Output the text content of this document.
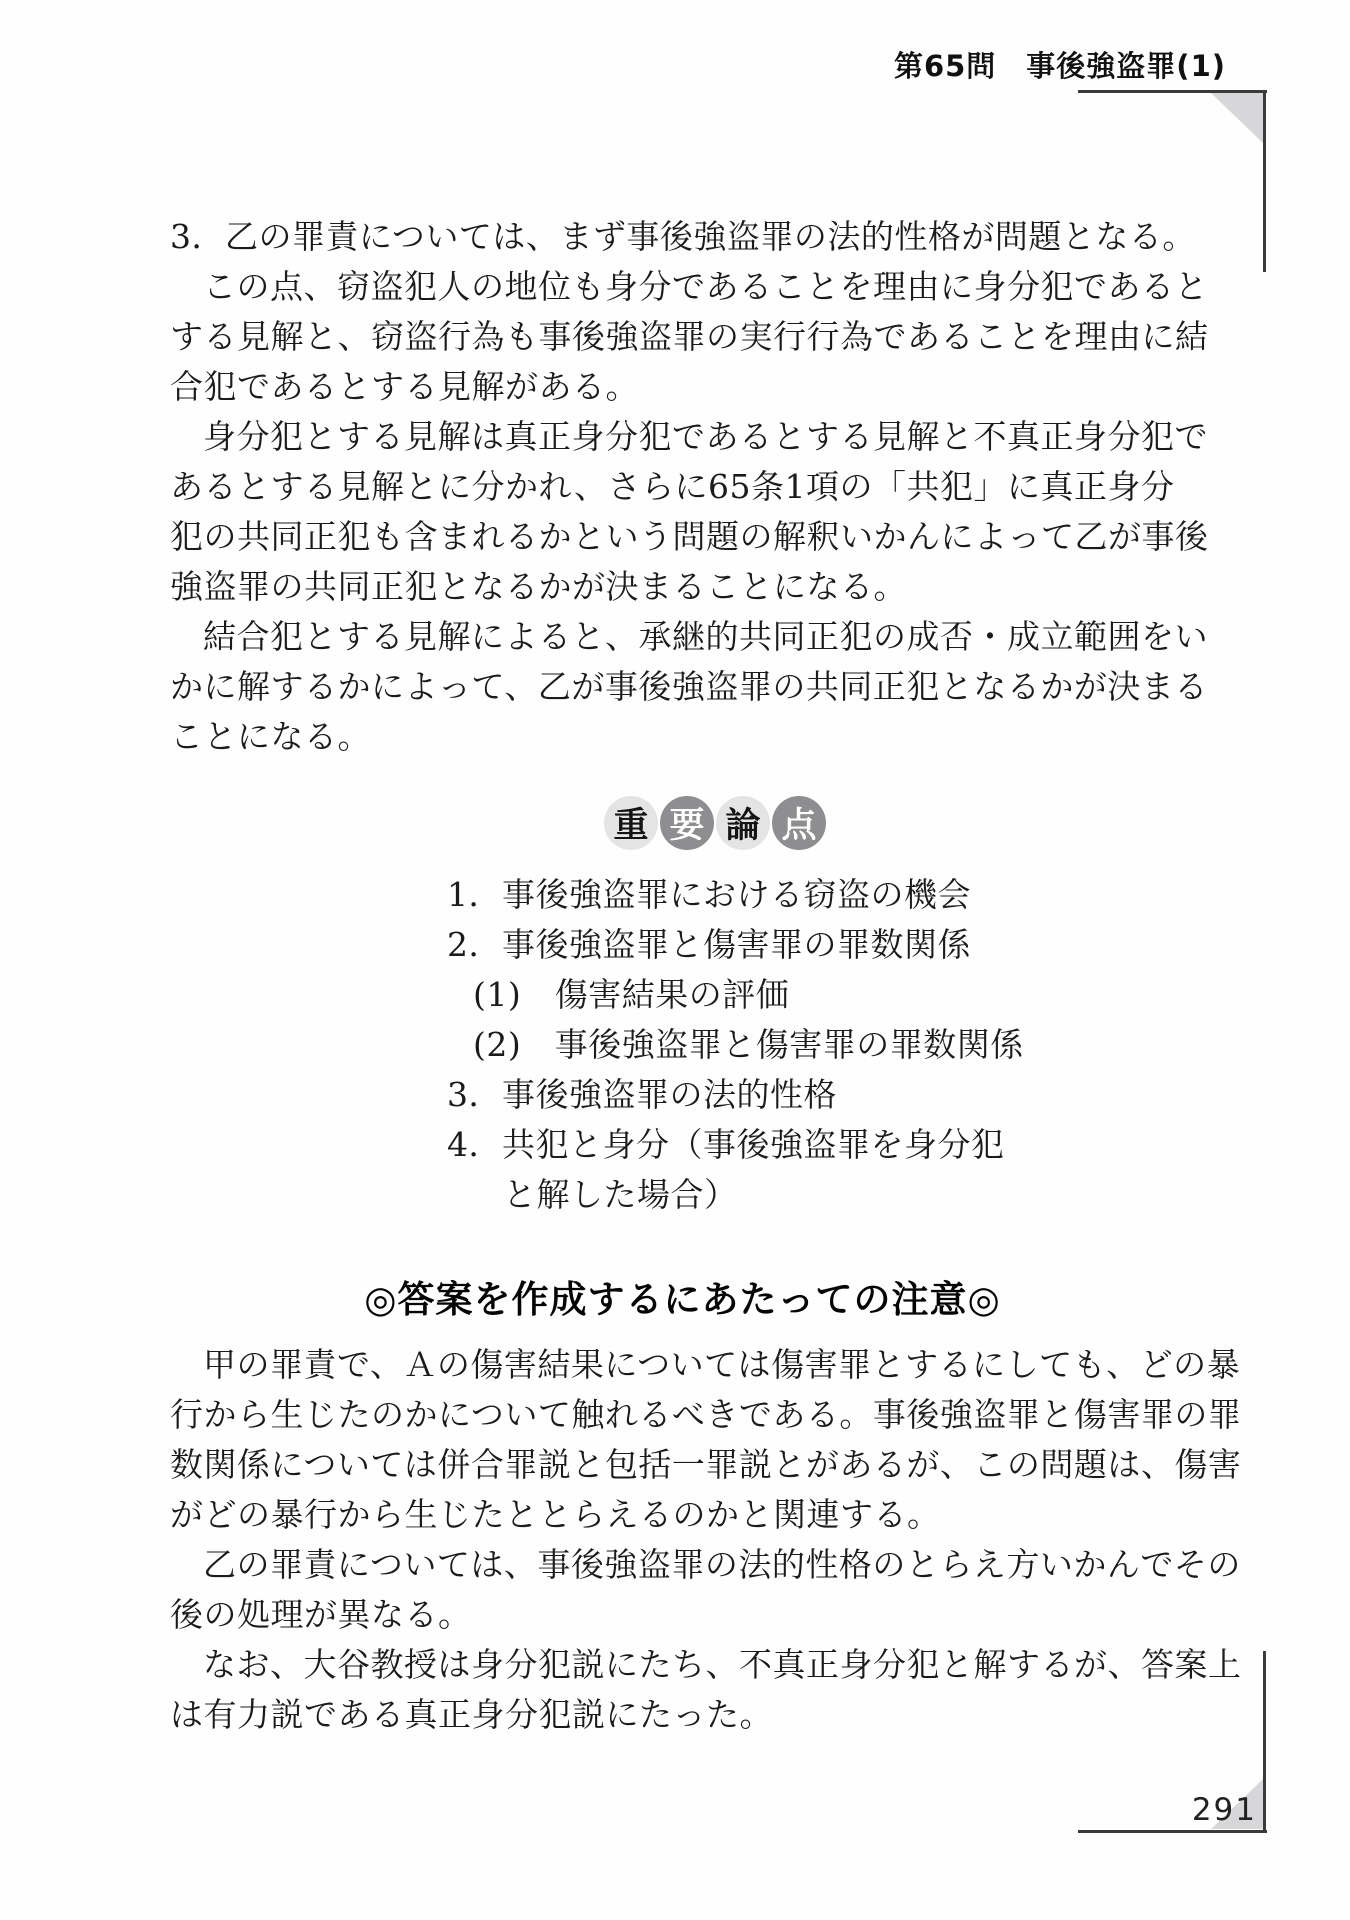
第65問　事後強盗罪(1)
3．乙の罪責については、まず事後強盗罪の法的性格が問題となる。
この点、窃盗犯人の地位も身分であることを理由に身分犯であると
する見解と、窃盗行為も事後強盗罪の実行行為であることを理由に結
合犯であるとする見解がある。
身分犯とする見解は真正身分犯であるとする見解と不真正身分犯で
あるとする見解とに分かれ、さらに65条1項の「共犯」に真正身分
犯の共同正犯も含まれるかという問題の解釈いかんによって乙が事後
強盗罪の共同正犯となるかが決まることになる。
結合犯とする見解によると、承継的共同正犯の成否・成立範囲をい
かに解するかによって、乙が事後強盗罪の共同正犯となるかが決まる
ことになる。
重 要 論 点
1．事後強盗罪における窃盗の機会
2．事後強盗罪と傷害罪の罪数関係
(1)　傷害結果の評価
(2)　事後強盗罪と傷害罪の罪数関係
3．事後強盗罪の法的性格
4．共犯と身分（事後強盗罪を身分犯
と解した場合）
◎答案を作成するにあたっての注意◎
甲の罪責で、Ａの傷害結果については傷害罪とするにしても、どの暴
行から生じたのかについて触れるべきである。事後強盗罪と傷害罪の罪
数関係については併合罪説と包括一罪説とがあるが、この問題は、傷害
がどの暴行から生じたととらえるのかと関連する。
乙の罪責については、事後強盗罪の法的性格のとらえ方いかんでその
後の処理が異なる。
なお、大谷教授は身分犯説にたち、不真正身分犯と解するが、答案上
は有力説である真正身分犯説にたった。
291
